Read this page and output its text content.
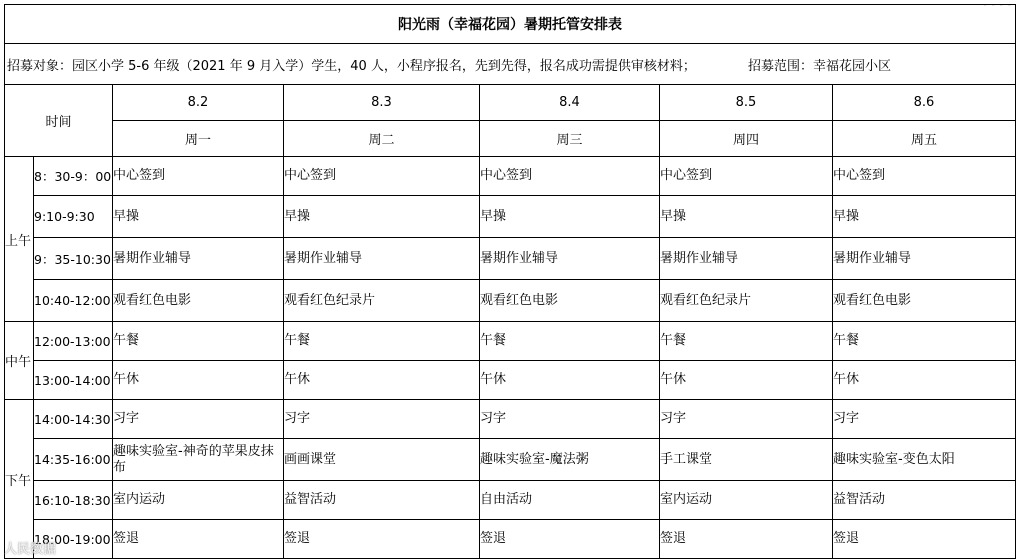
- - - -
阳光雨（幸福花园）暑期托管安排表						
招募对象：园区小学 5-6 年级（2021 年 9 月入学）学生，40 人，小程序报名，先到先得，报名成功需提供审核材料； 招募范围：幸福花园小区						
时间		8.2	8.3	8.4	8.5	8.6
		周一	周二	周三	周四	周五
上午	8：30-9：00	中心签到	中心签到	中心签到	中心签到	中心签到
	9:10-9:30	早操	早操	早操	早操	早操
	9：35-10:30	暑期作业辅导	暑期作业辅导	暑期作业辅导	暑期作业辅导	暑期作业辅导
	10:40-12:00	观看红色电影	观看红色纪录片	观看红色电影	观看红色纪录片	观看红色电影
中午	12:00-13:00	午餐	午餐	午餐	午餐	午餐
	13:00-14:00	午休	午休	午休	午休	午休
下午	14:00-14:30	习字	习字	习字	习字	习字
	14:35-16:00	趣味实验室-神奇的苹果皮抹布	画画课堂	趣味实验室-魔法粥	手工课堂	趣味实验室-变色太阳
	16:10-18:30	室内运动	益智活动	自由活动	室内运动	益智活动
	18:00-19:00	签退	签退	签退	签退	签退
人民数据
